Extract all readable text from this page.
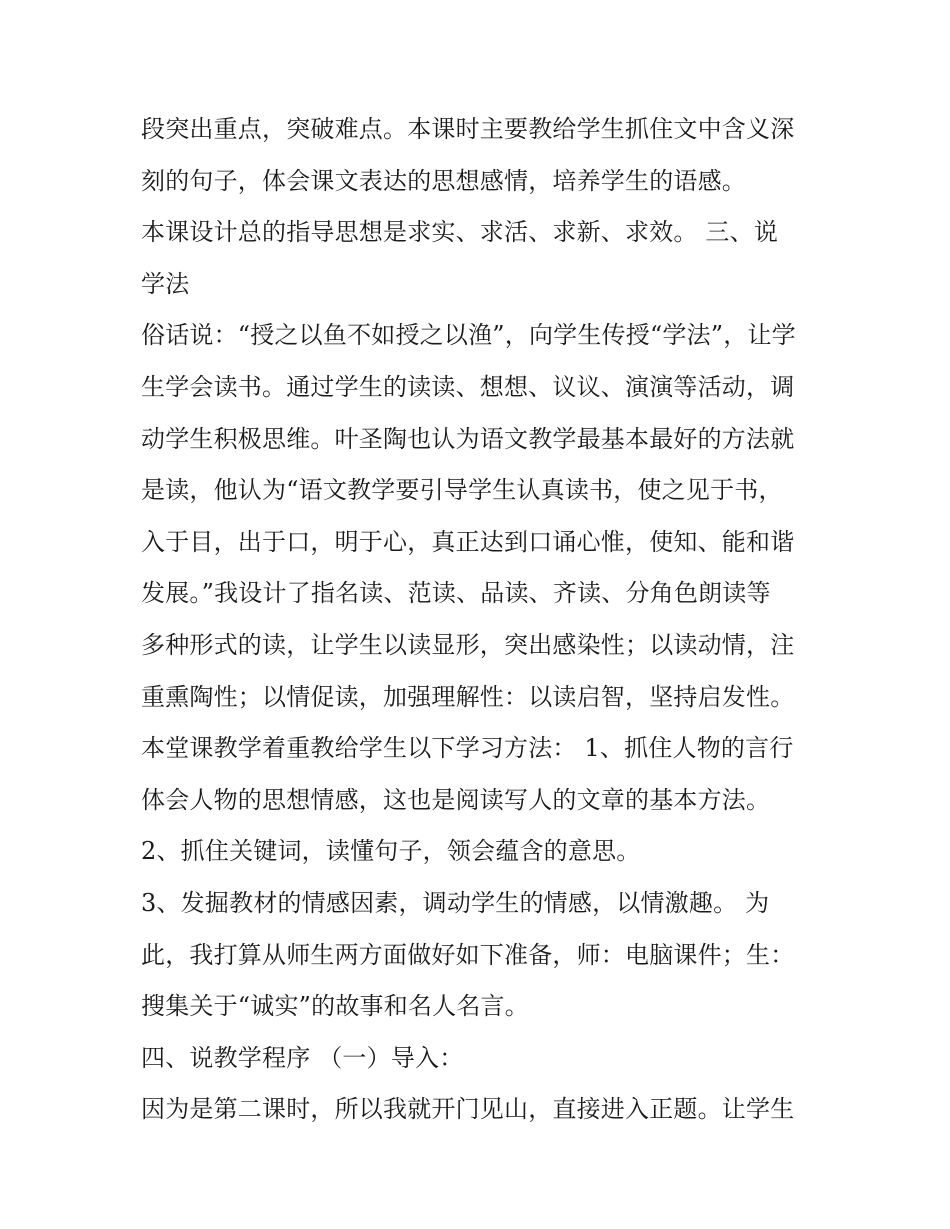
段突出重点，突破难点。本课时主要教给学生抓住文中含义深
刻的句子，体会课文表达的思想感情，培养学生的语感。
本课设计总的指导思想是求实、求活、求新、求效。 三、说
学法
俗话说：“授之以鱼不如授之以渔”，向学生传授“学法”，让学
生学会读书。通过学生的读读、想想、议议、演演等活动，调
动学生积极思维。叶圣陶也认为语文教学最基本最好的方法就
是读，他认为“语文教学要引导学生认真读书，使之见于书，
入于目，出于口，明于心，真正达到口诵心惟，使知、能和谐
发展。”我设计了指名读、范读、品读、齐读、分角色朗读等
多种形式的读，让学生以读显形，突出感染性；以读动情，注
重熏陶性；以情促读，加强理解性：以读启智，坚持启发性。
本堂课教学着重教给学生以下学习方法： 1、抓住人物的言行
体会人物的思想情感，这也是阅读写人的文章的基本方法。
2、抓住关键词，读懂句子，领会蕴含的意思。
3、发掘教材的情感因素，调动学生的情感，以情激趣。 为
此，我打算从师生两方面做好如下准备，师：电脑课件；生：
搜集关于“诚实”的故事和名人名言。
四、说教学程序 （一）导入：
因为是第二课时，所以我就开门见山，直接进入正题。让学生
